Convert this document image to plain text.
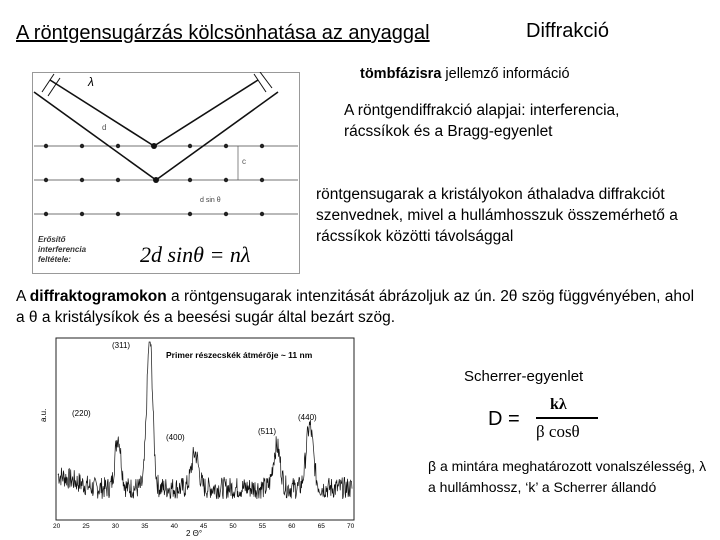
A röntgensugárzás kölcsönhatása az anyaggal	Diffrakció
tömbfázisra jellemző információ
A röntgendiffrakció alapjai: interferencia, rácssíkok és a Bragg-egyenlet
röntgensugarak a kristályokon áthaladva diffrakciót szenvednek, mivel a hullámhosszuk összemérhető a rácssíkok közötti távolsággal
A diffraktogramokon a röntgensugarak intenzitását ábrázoljuk az ún. 2θ szög függvényében, ahol a θ a kristálysíkok és a beesési sugár által bezárt szög.
λ
d
c
d sin θ
Erősítő
interferencia
feltétele:	2d sinθ = nλ
a.u.
2 Θ°
Primer részecskék átmérője ~ 11 nm
(220)
(311)
(400)
(511)
(440)
20	25	30	35	40	45	50	55	60	65	70
Scherrer-egyenlet
D =
kλ
β cosθ
β a mintára meghatározott vonalszélesség, λ a hullámhossz, ‘k’ a Scherrer állandó
